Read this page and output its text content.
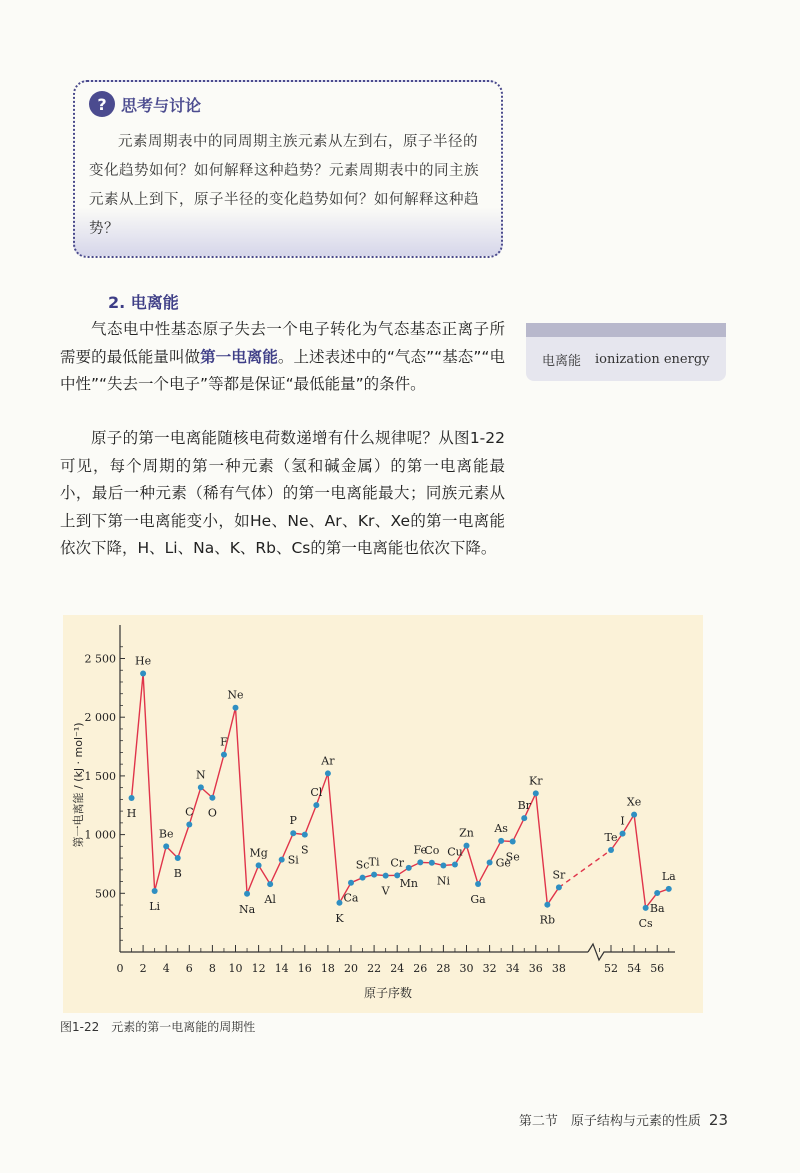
? 思考与讨论
元素周期表中的同周期主族元素从左到右，原子半径的变化趋势如何？如何解释这种趋势？元素周期表中的同主族元素从上到下，原子半径的变化趋势如何？如何解释这种趋势？
2. 电离能
气态电中性基态原子失去一个电子转化为气态基态正离子所需要的最低能量叫做第一电离能。上述表述中的“气态”“基态”“电中性”“失去一个电子”等都是保证“最低能量”的条件。
原子的第一电离能随核电荷数递增有什么规律呢？从图1-22可见，每个周期的第一种元素（氢和碱金属）的第一电离能最小，最后一种元素（稀有气体）的第一电离能最大；同族元素从上到下第一电离能变小，如He、Ne、Ar、Kr、Xe的第一电离能依次下降，H、Li、Na、K、Rb、Cs的第一电离能也依次下降。
电离能 ionization energy
500
1 000
1 500
2 000
2 500
0 2 4 6 8 10 12 14 16 18 20 22 24 26 28 30 32 34 36 38	52 54 56
原子序数
第一电离能 / (kJ · mol⁻¹)	H
He
Li
Be
B
C
N
O
F
Ne
Na
Mg
Al
Si
P
S
Cl
Ar
K
Ca
Sc Ti
V
Cr
Mn
Fe
Co
Ni
Cu
Zn
Ga
Ge
As
Se
Br
Kr
Rb
Sr
Te
I
Xe
Cs
Ba
La
图1-22　元素的第一电离能的周期性
第二节　原子结构与元素的性质 23
